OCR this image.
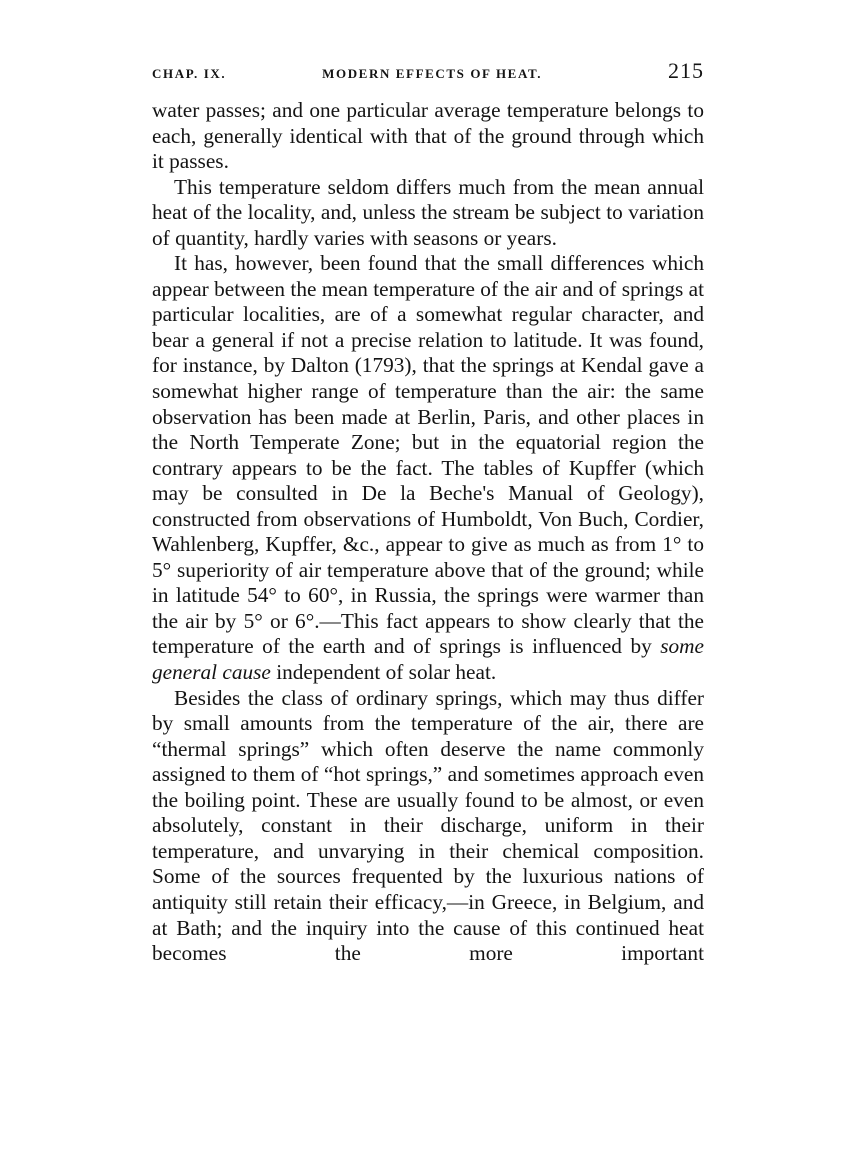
CHAP. IX.	MODERN EFFECTS OF HEAT.	215

water passes; and one particular average temperature belongs to each, generally identical with that of the ground through which it passes.

This temperature seldom differs much from the mean annual heat of the locality, and, unless the stream be subject to variation of quantity, hardly varies with seasons or years.

It has, however, been found that the small differences which appear between the mean temperature of the air and of springs at particular localities, are of a somewhat regular character, and bear a general if not a precise relation to latitude. It was found, for instance, by Dalton (1793), that the springs at Kendal gave a somewhat higher range of temperature than the air: the same observation has been made at Berlin, Paris, and other places in the North Temperate Zone; but in the equatorial region the contrary appears to be the fact. The tables of Kupffer (which may be consulted in De la Beche's Manual of Geology), constructed from observations of Humboldt, Von Buch, Cordier, Wahlenberg, Kupffer, &c., appear to give as much as from 1° to 5° superiority of air temperature above that of the ground; while in latitude 54° to 60°, in Russia, the springs were warmer than the air by 5° or 6°.—This fact appears to show clearly that the temperature of the earth and of springs is influenced by some general cause independent of solar heat.

Besides the class of ordinary springs, which may thus differ by small amounts from the temperature of the air, there are “thermal springs” which often deserve the name commonly assigned to them of “hot springs,” and sometimes approach even the boiling point. These are usually found to be almost, or even absolutely, constant in their discharge, uniform in their temperature, and unvarying in their chemical composition. Some of the sources frequented by the luxurious nations of antiquity still retain their efficacy,—in Greece, in Belgium, and at Bath; and the inquiry into the cause of this continued heat becomes the more important
